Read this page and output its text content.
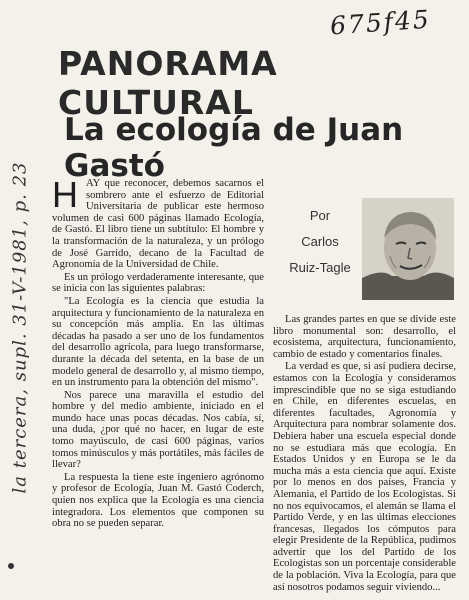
675f45
PANORAMA CULTURAL
La ecología de Juan Gastó
la tercera, supl. 31-V-1981, p. 23 HAY que reconocer, debemos sacarnos el sombrero ante el esfuerzo de Editorial Universitaria de publicar este hermoso volumen de casi 600 páginas llamado Ecología, de Gastó. El libro tiene un subtítulo: El hombre y la transformación de la naturaleza, y un prólogo de José Garrido, decano de la Facultad de Agronomía de la Universidad de Chile.

Es un prólogo verdaderamente interesante, que se inicia con las siguientes palabras:

"La Ecología es la ciencia que estudia la arquitectura y funcionamiento de la naturaleza en su concepción más amplia. En las últimas décadas ha pasado a ser uno de los fundamentos del desarrollo agrícola, para luego transformarse, durante la década del setenta, en la base de un modelo general de desarrollo y, al mismo tiempo, en un instrumento para la obtención del mismo".

Nos parece una maravilla el estudio del hombre y del medio ambiente, iniciado en el mundo hace unas pocas décadas. Nos cabía, sí, una duda, ¿por qué no hacer, en lugar de este tomo mayúsculo, de casi 600 páginas, varios tomos minúsculos y más portátiles, más fáciles de llevar?

La respuesta la tiene este ingeniero agrónomo y profesor de Ecología, Juan M. Gastó Coderch, quien nos explica que la Ecología es una ciencia integradora. Los elementos que componen su obra no se pueden separar.

Por
Carlos
Ruiz-Tagle

Las grandes partes en que se divide este libro monumental son: desarrollo, el ecosistema, arquitectura, funcionamiento, cambio de estado y comentarios finales.

La verdad es que, si así pudiera decirse, estamos con la Ecología y consideramos imprescindible que no se siga estudiando en Chile, en diferentes escuelas, en diferentes facultades, Agronomía y Arquitectura para nombrar solamente dos. Debiera haber una escuela especial donde no se estudiara más que ecología. En Estados Unidos y en Europa se le da mucha más a esta ciencia que aquí. Existe por lo menos en dos países, Francia y Alemania, el Partido de los Ecologistas. Si no nos equivocamos, el alemán se llama el Partido Verde, y en las últimas elecciones francesas, llegados los cómputos para elegir Presidente de la República, pudimos advertir que los del Partido de los Ecologistas son un porcentaje considerable de la población. Viva la Ecología, para que así nosotros podamos seguir viviendo...
